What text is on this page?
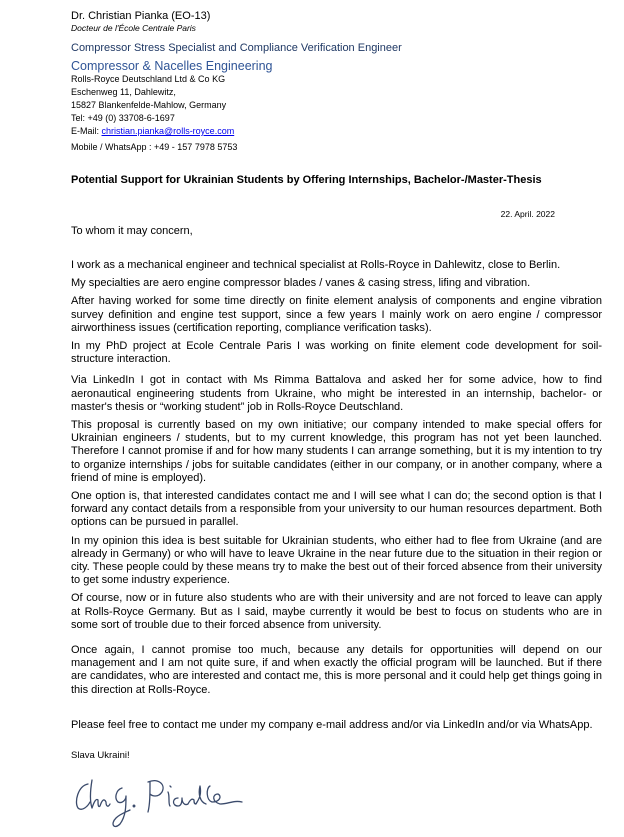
Dr. Christian Pianka (EO-13)
Docteur de l'École Centrale Paris
Compressor Stress Specialist and Compliance Verification Engineer
Compressor & Nacelles Engineering
Rolls-Royce Deutschland Ltd & Co KG
Eschenweg 11, Dahlewitz,
15827 Blankenfelde-Mahlow, Germany
Tel: +49 (0) 33708-6-1697
E-Mail: christian.pianka@rolls-royce.com
Mobile / WhatsApp : +49 - 157 7978 5753
Potential Support for Ukrainian Students by Offering Internships, Bachelor-/Master-Thesis
22. April. 2022
To whom it may concern,

I work as a mechanical engineer and technical specialist at Rolls-Royce in Dahlewitz, close to Berlin.

My specialties are aero engine compressor blades / vanes & casing stress, lifing and vibration.

After having worked for some time directly on finite element analysis of components and engine vibration survey definition and engine test support, since a few years I mainly work on aero engine / compressor airworthiness issues (certification reporting, compliance verification tasks).

In my PhD project at Ecole Centrale Paris I was working on finite element code development for soil-structure interaction.

Via LinkedIn I got in contact with Ms Rimma Battalova and asked her for some advice, how to find aeronautical engineering students from Ukraine, who might be interested in an internship, bachelor- or master's thesis or “working student” job in Rolls-Royce Deutschland.

This proposal is currently based on my own initiative; our company intended to make special offers for Ukrainian engineers / students, but to my current knowledge, this program has not yet been launched. Therefore I cannot promise if and for how many students I can arrange something, but it is my intention to try to organize internships / jobs for suitable candidates (either in our company, or in another company, where a friend of mine is employed).

One option is, that interested candidates contact me and I will see what I can do; the second option is that I forward any contact details from a responsible from your university to our human resources department. Both options can be pursued in parallel.

In my opinion this idea is best suitable for Ukrainian students, who either had to flee from Ukraine (and are already in Germany) or who will have to leave Ukraine in the near future due to the situation in their region or city. These people could by these means try to make the best out of their forced absence from their university to get some industry experience.

Of course, now or in future also students who are with their university and are not forced to leave can apply at Rolls-Royce Germany. But as I said, maybe currently it would be best to focus on students who are in some sort of trouble due to their forced absence from university.

Once again, I cannot promise too much, because any details for opportunities will depend on our management and I am not quite sure, if and when exactly the official program will be launched. But if there are candidates, who are interested and contact me, this is more personal and it could help get things going in this direction at Rolls-Royce.

Please feel free to contact me under my company e-mail address and/or via LinkedIn and/or via WhatsApp.

Slava Ukraini!
